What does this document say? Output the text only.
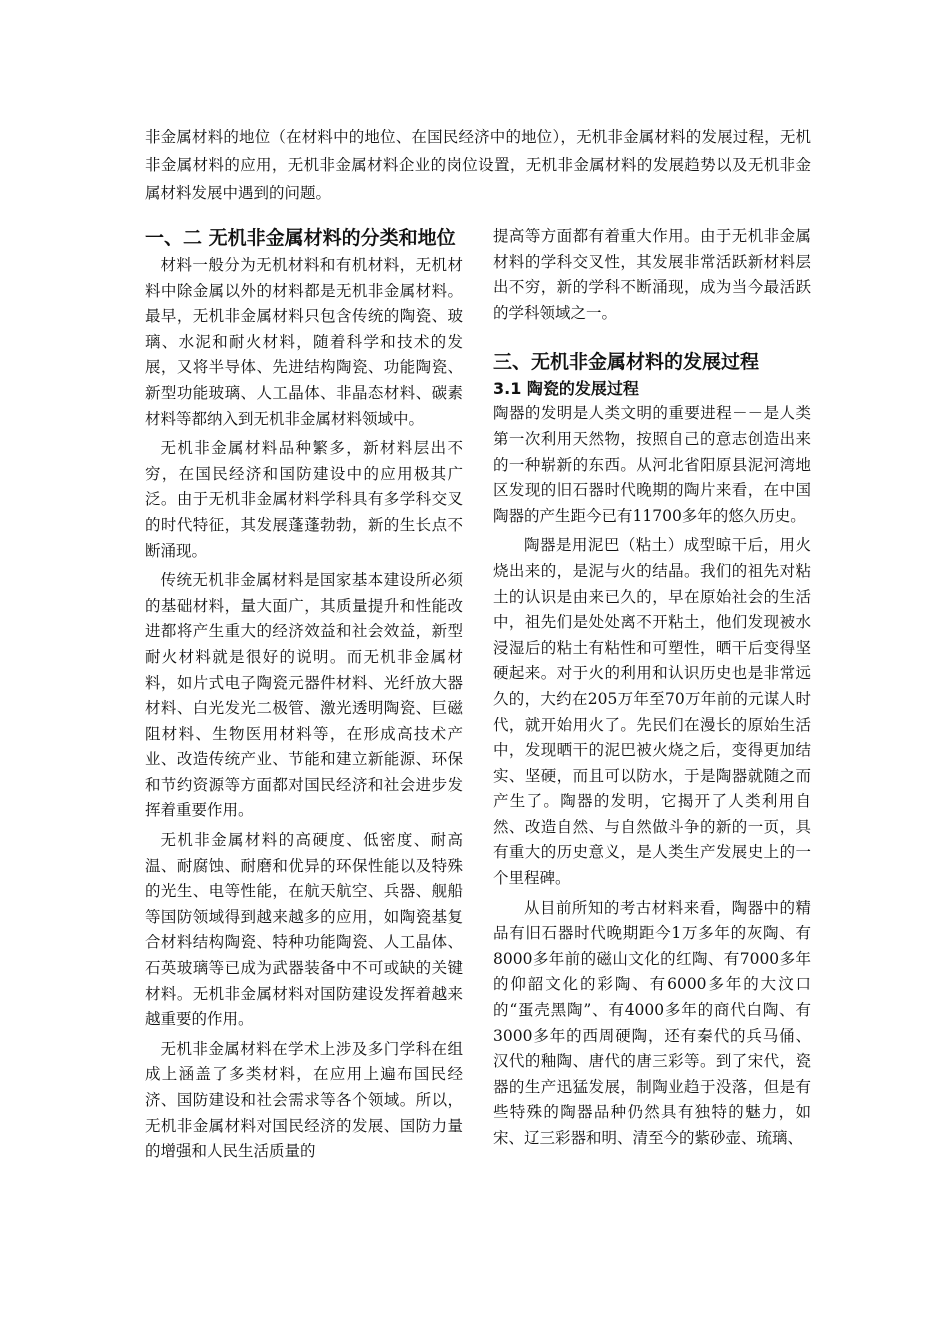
非金属材料的地位（在材料中的地位、在国民经济中的地位），无机非金属材料的发展过程，无机非金属材料的应用，无机非金属材料企业的岗位设置，无机非金属材料的发展趋势以及无机非金属材料发展中遇到的问题。

一、二 无机非金属材料的分类和地位

材料一般分为无机材料和有机材料，无机材料中除金属以外的材料都是无机非金属材料。最早，无机非金属材料只包含传统的陶瓷、玻璃、水泥和耐火材料，随着科学和技术的发展，又将半导体、先进结构陶瓷、功能陶瓷、新型功能玻璃、人工晶体、非晶态材料、碳素材料等都纳入到无机非金属材料领域中。

无机非金属材料品种繁多，新材料层出不穷，在国民经济和国防建设中的应用极其广泛。由于无机非金属材料学科具有多学科交叉的时代特征，其发展蓬蓬勃勃，新的生长点不断涌现。

传统无机非金属材料是国家基本建设所必须的基础材料，量大面广，其质量提升和性能改进都将产生重大的经济效益和社会效益，新型耐火材料就是很好的说明。而无机非金属材料，如片式电子陶瓷元器件材料、光纤放大器材料、白光发光二极管、激光透明陶瓷、巨磁阻材料、生物医用材料等，在形成高技术产业、改造传统产业、节能和建立新能源、环保和节约资源等方面都对国民经济和社会进步发挥着重要作用。

无机非金属材料的高硬度、低密度、耐高温、耐腐蚀、耐磨和优异的环保性能以及特殊的光生、电等性能，在航天航空、兵器、舰船等国防领域得到越来越多的应用，如陶瓷基复合材料结构陶瓷、特种功能陶瓷、人工晶体、石英玻璃等已成为武器装备中不可或缺的关键材料。无机非金属材料对国防建设发挥着越来越重要的作用。

无机非金属材料在学术上涉及多门学科在组成上涵盖了多类材料，在应用上遍布国民经济、国防建设和社会需求等各个领域。所以，无机非金属材料对国民经济的发展、国防力量的增强和人民生活质量的

提高等方面都有着重大作用。由于无机非金属材料的学科交叉性，其发展非常活跃新材料层出不穷，新的学科不断涌现，成为当今最活跃的学科领域之一。

三、无机非金属材料的发展过程
3.1 陶瓷的发展过程

陶器的发明是人类文明的重要进程－－是人类第一次利用天然物，按照自己的意志创造出来的一种崭新的东西。从河北省阳原县泥河湾地区发现的旧石器时代晚期的陶片来看，在中国陶器的产生距今已有11700多年的悠久历史。

陶器是用泥巴（粘土）成型晾干后，用火烧出来的，是泥与火的结晶。我们的祖先对粘土的认识是由来已久的，早在原始社会的生活中，祖先们是处处离不开粘土，他们发现被水浸湿后的粘土有粘性和可塑性，晒干后变得坚硬起来。对于火的利用和认识历史也是非常远久的，大约在205万年至70万年前的元谋人时代，就开始用火了。先民们在漫长的原始生活中，发现晒干的泥巴被火烧之后，变得更加结实、坚硬，而且可以防水，于是陶器就随之而产生了。陶器的发明，它揭开了人类利用自然、改造自然、与自然做斗争的新的一页，具有重大的历史意义，是人类生产发展史上的一个里程碑。

从目前所知的考古材料来看，陶器中的精品有旧石器时代晚期距今1万多年的灰陶、有8000多年前的磁山文化的红陶、有7000多年的仰韶文化的彩陶、有6000多年的大汶口的“蛋壳黑陶”、有4000多年的商代白陶、有3000多年的西周硬陶，还有秦代的兵马俑、汉代的釉陶、唐代的唐三彩等。到了宋代，瓷器的生产迅猛发展，制陶业趋于没落，但是有些特殊的陶器品种仍然具有独特的魅力，如宋、辽三彩器和明、清至今的紫砂壶、琉璃、
